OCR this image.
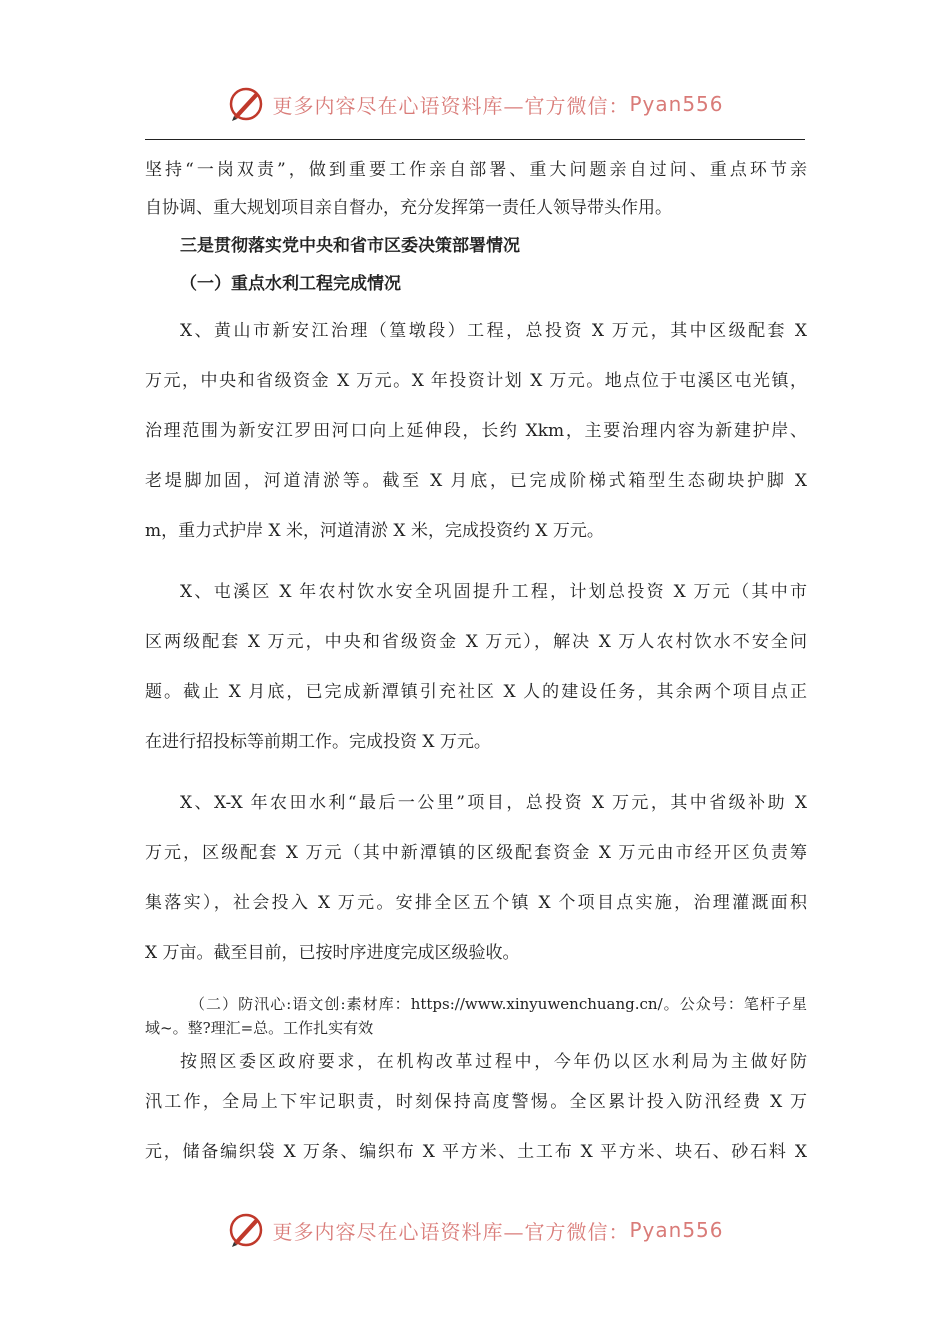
更多内容尽在心语资料库—官方微信： Pyan556
坚持“一岗双责”，做到重要工作亲自部署、重大问题亲自过问、重点环节亲
自协调、重大规划项目亲自督办，充分发挥第一责任人领导带头作用。
三是贯彻落实党中央和省市区委决策部署情况
（一）重点水利工程完成情况
X、黄山市新安江治理（篁墩段）工程，总投资 X 万元，其中区级配套 X
万元，中央和省级资金 X 万元。X 年投资计划 X 万元。地点位于屯溪区屯光镇，
治理范围为新安江罗田河口向上延伸段，长约 Xkm，主要治理内容为新建护岸、
老堤脚加固，河道清淤等。截至 X 月底，已完成阶梯式箱型生态砌块护脚 X
m，重力式护岸 X 米，河道清淤 X 米，完成投资约 X 万元。
X、屯溪区 X 年农村饮水安全巩固提升工程，计划总投资 X 万元（其中市
区两级配套 X 万元，中央和省级资金 X 万元），解决 X 万人农村饮水不安全问
题。截止 X 月底，已完成新潭镇引充社区 X 人的建设任务，其余两个项目点正
在进行招投标等前期工作。完成投资 X 万元。
X、X-X 年农田水利“最后一公里”项目，总投资 X 万元，其中省级补助 X
万元，区级配套 X 万元（其中新潭镇的区级配套资金 X 万元由市经开区负责筹
集落实），社会投入 X 万元。安排全区五个镇 X 个项目点实施，治理灌溉面积
X 万亩。截至目前，已按时序进度完成区级验收。
（二）防汛心:语文创:素材库：https://www.xinyuwenchuang.cn/。公众号：笔杆子星
域~。整?理汇=总。工作扎实有效
按照区委区政府要求，在机构改革过程中，今年仍以区水利局为主做好防
汛工作，全局上下牢记职责，时刻保持高度警惕。全区累计投入防汛经费 X 万
元，储备编织袋 X 万条、编织布 X 平方米、土工布 X 平方米、块石、砂石料 X
更多内容尽在心语资料库—官方微信： Pyan556
